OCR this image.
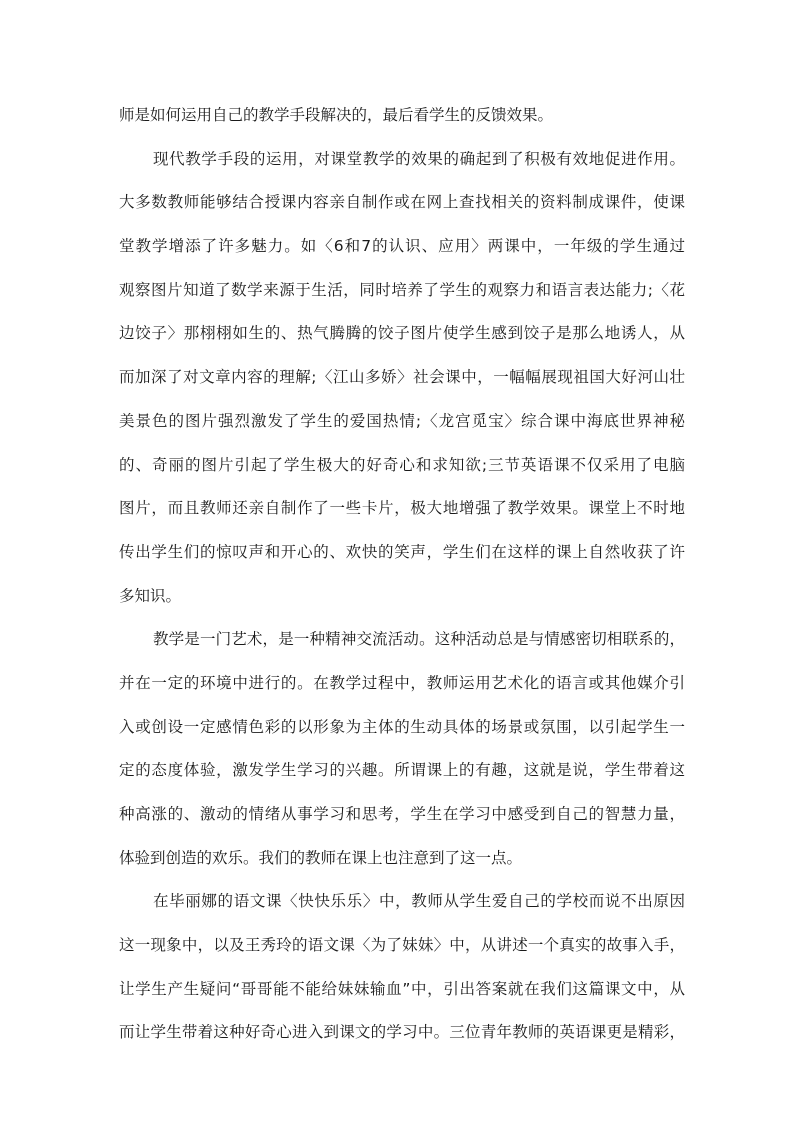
师是如何运用自己的教学手段解决的，最后看学生的反馈效果。
现代教学手段的运用，对课堂教学的效果的确起到了积极有效地促进作用。
大多数教师能够结合授课内容亲自制作或在网上查找相关的资料制成课件，使课
堂教学增添了许多魅力。如〈6和7的认识、应用〉两课中，一年级的学生通过
观察图片知道了数学来源于生活，同时培养了学生的观察力和语言表达能力;〈花
边饺子〉那栩栩如生的、热气腾腾的饺子图片使学生感到饺子是那么地诱人，从
而加深了对文章内容的理解;〈江山多娇〉社会课中，一幅幅展现祖国大好河山壮
美景色的图片强烈激发了学生的爱国热情;〈龙宫觅宝〉综合课中海底世界神秘
的、奇丽的图片引起了学生极大的好奇心和求知欲;三节英语课不仅采用了电脑
图片，而且教师还亲自制作了一些卡片，极大地增强了教学效果。课堂上不时地
传出学生们的惊叹声和开心的、欢快的笑声，学生们在这样的课上自然收获了许
多知识。
教学是一门艺术，是一种精神交流活动。这种活动总是与情感密切相联系的，
并在一定的环境中进行的。在教学过程中，教师运用艺术化的语言或其他媒介引
入或创设一定感情色彩的以形象为主体的生动具体的场景或氛围，以引起学生一
定的态度体验，激发学生学习的兴趣。所谓课上的有趣，这就是说，学生带着这
种高涨的、激动的情绪从事学习和思考，学生在学习中感受到自己的智慧力量，
体验到创造的欢乐。我们的教师在课上也注意到了这一点。
在毕丽娜的语文课〈快快乐乐〉中，教师从学生爱自己的学校而说不出原因
这一现象中，以及王秀玲的语文课〈为了妹妹〉中，从讲述一个真实的故事入手，
让学生产生疑问“哥哥能不能给妹妹输血”中，引出答案就在我们这篇课文中，从
而让学生带着这种好奇心进入到课文的学习中。三位青年教师的英语课更是精彩，
